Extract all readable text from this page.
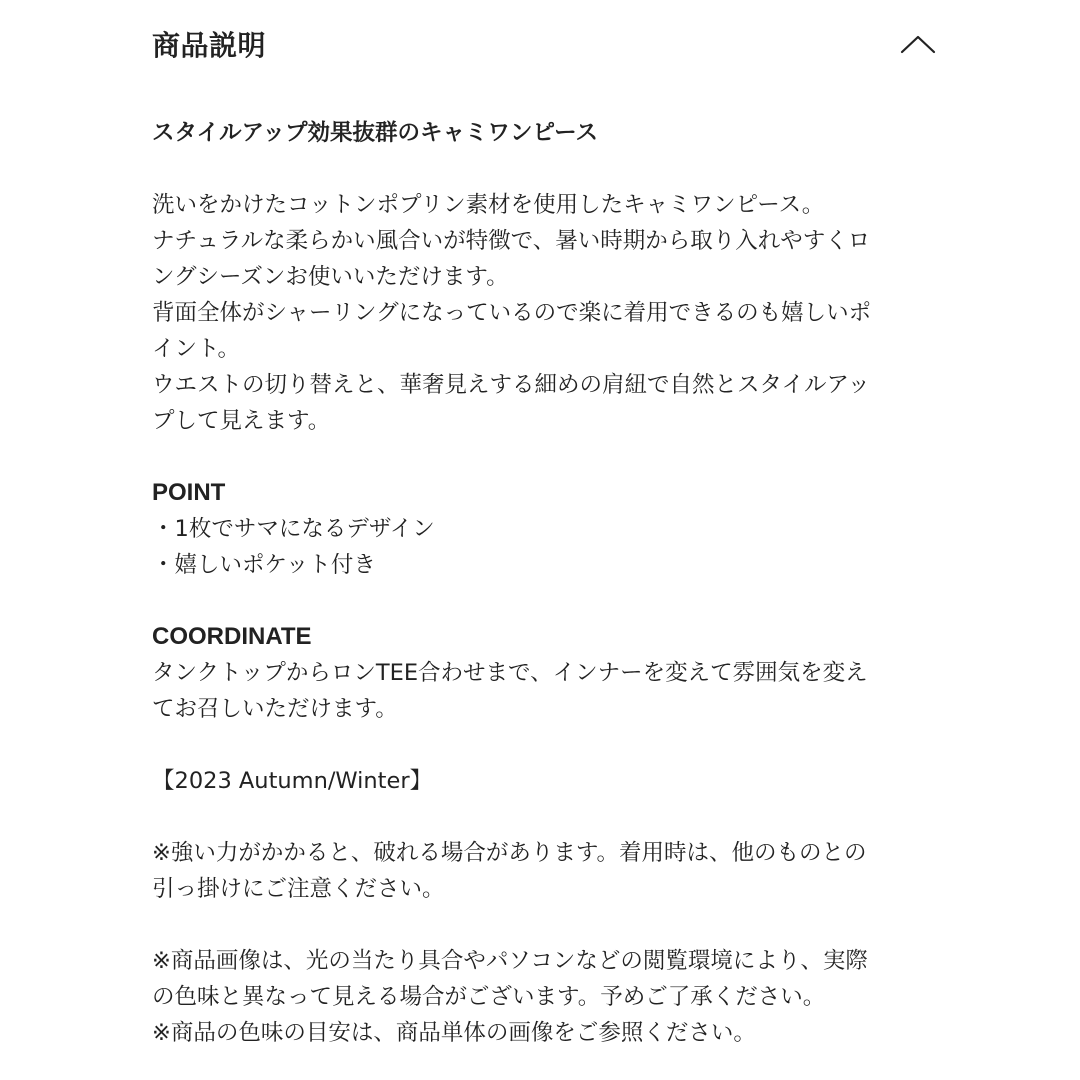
商品説明

スタイルアップ効果抜群のキャミワンピース

洗いをかけたコットンポプリン素材を使用したキャミワンピース。

ナチュラルな柔らかい風合いが特徴で、暑い時期から取り入れやすくロ

ングシーズンお使いいただけます。

背面全体がシャーリングになっているので楽に着用できるのも嬉しいポ

イント。

ウエストの切り替えと、華奢見えする細めの肩紐で自然とスタイルアッ

プして見えます。

POINT

・1枚でサマになるデザイン

・嬉しいポケット付き

COORDINATE

タンクトップからロンTEE合わせまで、インナーを変えて雰囲気を変え

てお召しいただけます。

【2023 Autumn/Winter】

※強い力がかかると、破れる場合があります。着用時は、他のものとの

引っ掛けにご注意ください。

※商品画像は、光の当たり具合やパソコンなどの閲覧環境により、実際

の色味と異なって見える場合がございます。予めご了承ください。

※商品の色味の目安は、商品単体の画像をご参照ください。
